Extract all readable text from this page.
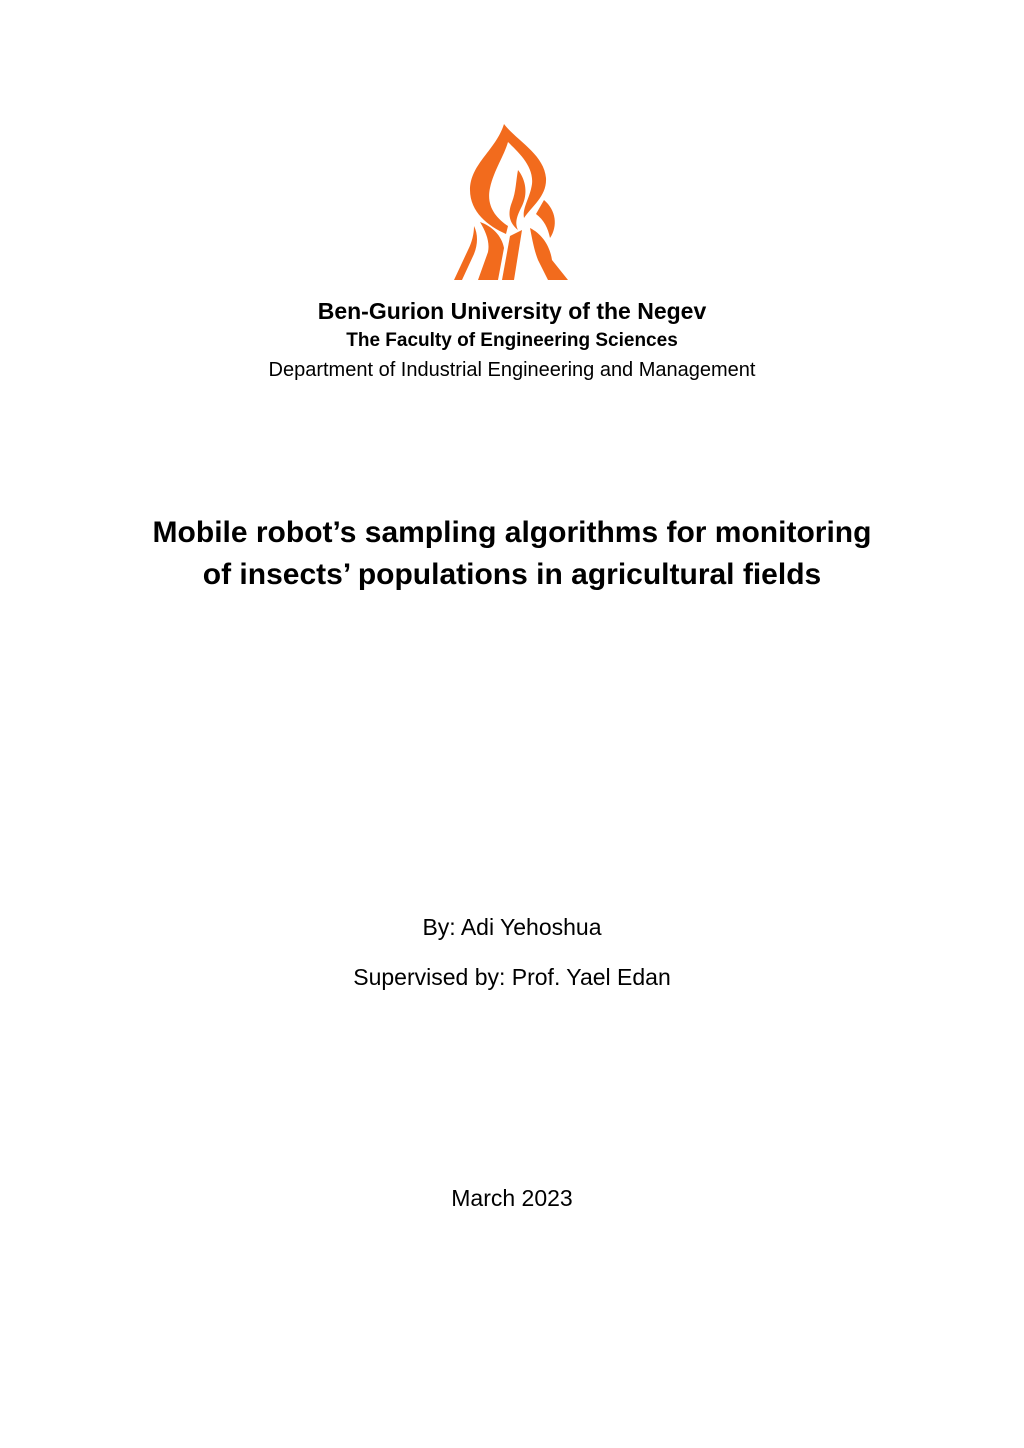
Ben-Gurion University of the Negev
The Faculty of Engineering Sciences
Department of Industrial Engineering and Management
Mobile robot’s sampling algorithms for monitoring of insects’ populations in agricultural fields
By: Adi Yehoshua
Supervised by: Prof. Yael Edan
March 2023
